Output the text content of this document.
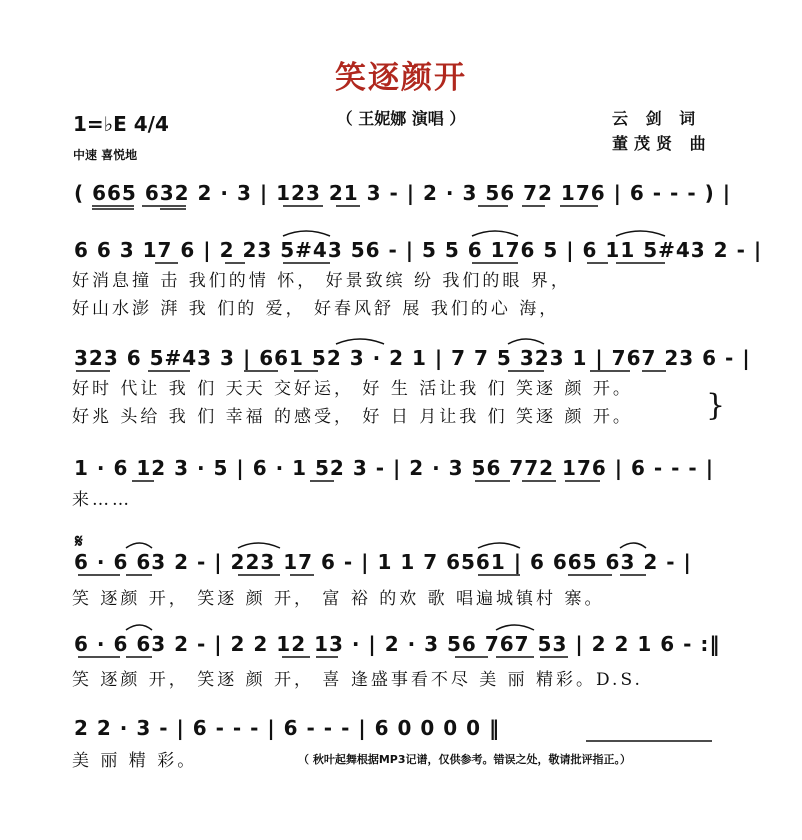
笑逐颜开
（ 王妮娜 演唱 ）	云 剑 词
董茂贤 曲
1=♭E 4/4
中速 喜悦地
( 665 632 2 · 3 | 123 21 3 - | 2 · 3 56 72 176 | 6 - - - ) |
6 6 3 17 6 | 2 23 5#43 56 - | 5 5 6 176 5 | 6 11 5#43 2 - |
好消息撞 击 我们的情 怀， 好景致缤 纷 我们的眼 界，
好山水澎 湃 我 们的 爱， 好春风舒 展 我们的心 海，
323 6 5#43 3 | 661 52 3 · 2 1 | 7 7 5 323 1 | 767 23 6 - |
好时 代让 我 们 天天 交好运， 好 生 活让我 们 笑逐 颜 开。
好兆 头给 我 们 幸福 的感受， 好 日 月让我 们 笑逐 颜 开。 }
1 · 6 12 3 · 5 | 6 · 1 52 3 - | 2 · 3 56 772 176 | 6 - - - |
来……
𝄋
6 · 6 63 2 - | 223 17 6 - | 1 1 7 6561 | 6 665 63 2 - |
笑 逐颜 开， 笑逐 颜 开， 富 裕 的欢 歌 唱遍城镇村 寨。
6 · 6 63 2 - | 2 2 12 13 · | 2 · 3 56 767 53 | 2 2 1 6 - :‖
笑 逐颜 开， 笑逐 颜 开， 喜 逢盛事看不尽 美 丽 精彩。D.S.
2 2 · 3 - | 6 - - - | 6 - - - | 6 0 0 0 0 ‖
美 丽 精 彩。	（ 秋叶起舞根据MP3记谱，仅供参考。错误之处，敬请批评指正。）
